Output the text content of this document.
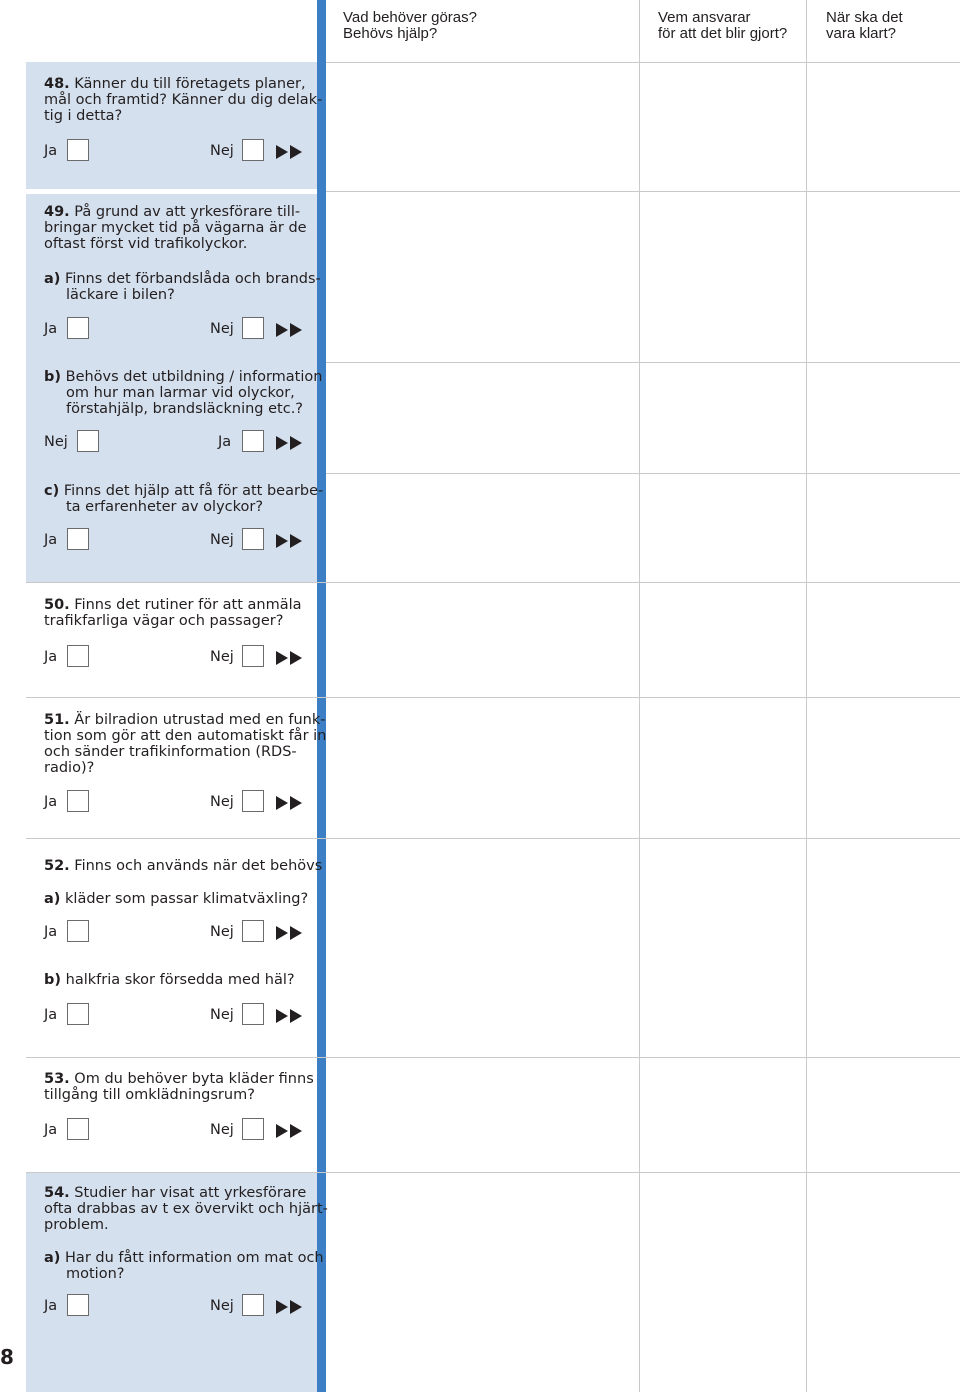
Vad behöver göras?
Behövs hjälp?
Vem ansvarar
för att det blir gjort?
När ska det
vara klart?
48. Känner du till företagets planer,
mål och framtid? Känner du dig delak-
tig i detta?
Ja	Nej
49. På grund av att yrkesförare till-
bringar mycket tid på vägarna är de
oftast först vid trafikolyckor.
a) Finns det förbandslåda och brands-
läckare i bilen?
Ja	Nej
b) Behövs det utbildning / information
om hur man larmar vid olyckor,
förstahjälp, brandsläckning etc.?
Nej	Ja
c) Finns det hjälp att få för att bearbe-
ta erfarenheter av olyckor?
Ja	Nej
50. Finns det rutiner för att anmäla
trafikfarliga vägar och passager?
Ja	Nej
51. Är bilradion utrustad med en funk-
tion som gör att den automatiskt får in
och sänder trafikinformation (RDS-
radio)?
Ja	Nej
52. Finns och används när det behövs
a) kläder som passar klimatväxling?
Ja	Nej
b) halkfria skor försedda med häl?
Ja	Nej
53. Om du behöver byta kläder finns
tillgång till omklädningsrum?
Ja	Nej
54. Studier har visat att yrkesförare
ofta drabbas av t ex övervikt och hjärt-
problem.
a) Har du fått information om mat och
motion?
Ja	Nej
8
